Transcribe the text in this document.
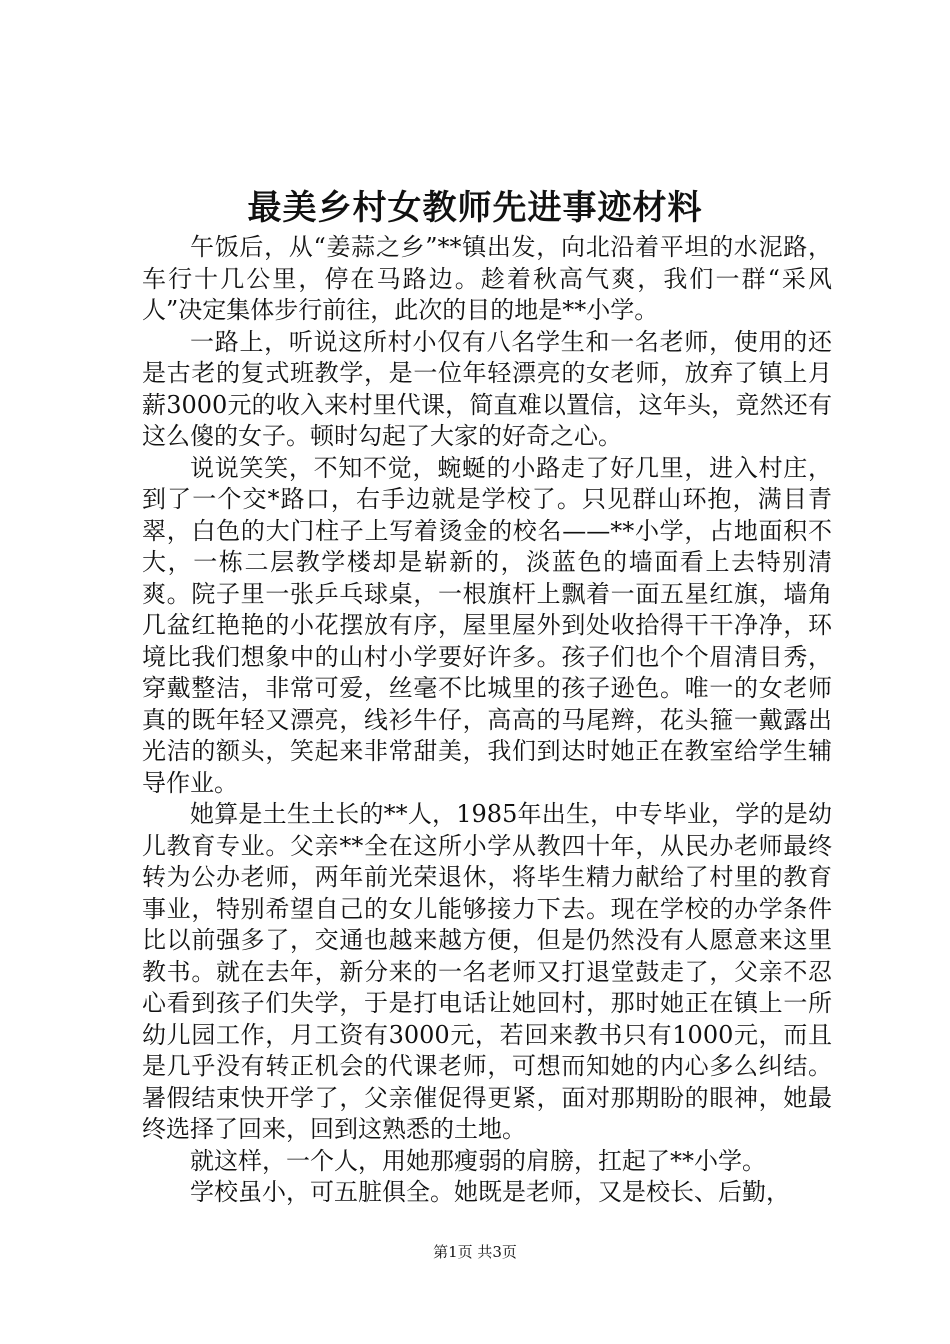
最美乡村女教师先进事迹材料

午饭后，从“姜蒜之乡”**镇出发，向北沿着平坦的水泥路，车行十几公里，停在马路边。趁着秋高气爽，我们一群“采风人”决定集体步行前往，此次的目的地是**小学。

一路上，听说这所村小仅有八名学生和一名老师，使用的还是古老的复式班教学，是一位年轻漂亮的女老师，放弃了镇上月薪3000元的收入来村里代课，简直难以置信，这年头，竟然还有这么傻的女子。顿时勾起了大家的好奇之心。

说说笑笑，不知不觉，蜿蜒的小路走了好几里，进入村庄，到了一个交*路口，右手边就是学校了。只见群山环抱，满目青翠，白色的大门柱子上写着烫金的校名——**小学，占地面积不大，一栋二层教学楼却是崭新的，淡蓝色的墙面看上去特别清爽。院子里一张乒乓球桌，一根旗杆上飘着一面五星红旗，墙角几盆红艳艳的小花摆放有序，屋里屋外到处收拾得干干净净，环境比我们想象中的山村小学要好许多。孩子们也个个眉清目秀，穿戴整洁，非常可爱，丝毫不比城里的孩子逊色。唯一的女老师真的既年轻又漂亮，线衫牛仔，高高的马尾辫，花头箍一戴露出光洁的额头，笑起来非常甜美，我们到达时她正在教室给学生辅导作业。

她算是土生土长的**人，1985年出生，中专毕业，学的是幼儿教育专业。父亲**全在这所小学从教四十年，从民办老师最终转为公办老师，两年前光荣退休，将毕生精力献给了村里的教育事业，特别希望自己的女儿能够接力下去。现在学校的办学条件比以前强多了，交通也越来越方便，但是仍然没有人愿意来这里教书。就在去年，新分来的一名老师又打退堂鼓走了，父亲不忍心看到孩子们失学，于是打电话让她回村，那时她正在镇上一所幼儿园工作，月工资有3000元，若回来教书只有1000元，而且是几乎没有转正机会的代课老师，可想而知她的内心多么纠结。暑假结束快开学了，父亲催促得更紧，面对那期盼的眼神，她最终选择了回来，回到这熟悉的土地。

就这样，一个人，用她那瘦弱的肩膀，扛起了**小学。

学校虽小，可五脏俱全。她既是老师，又是校长、后勤，

第1页 共3页
